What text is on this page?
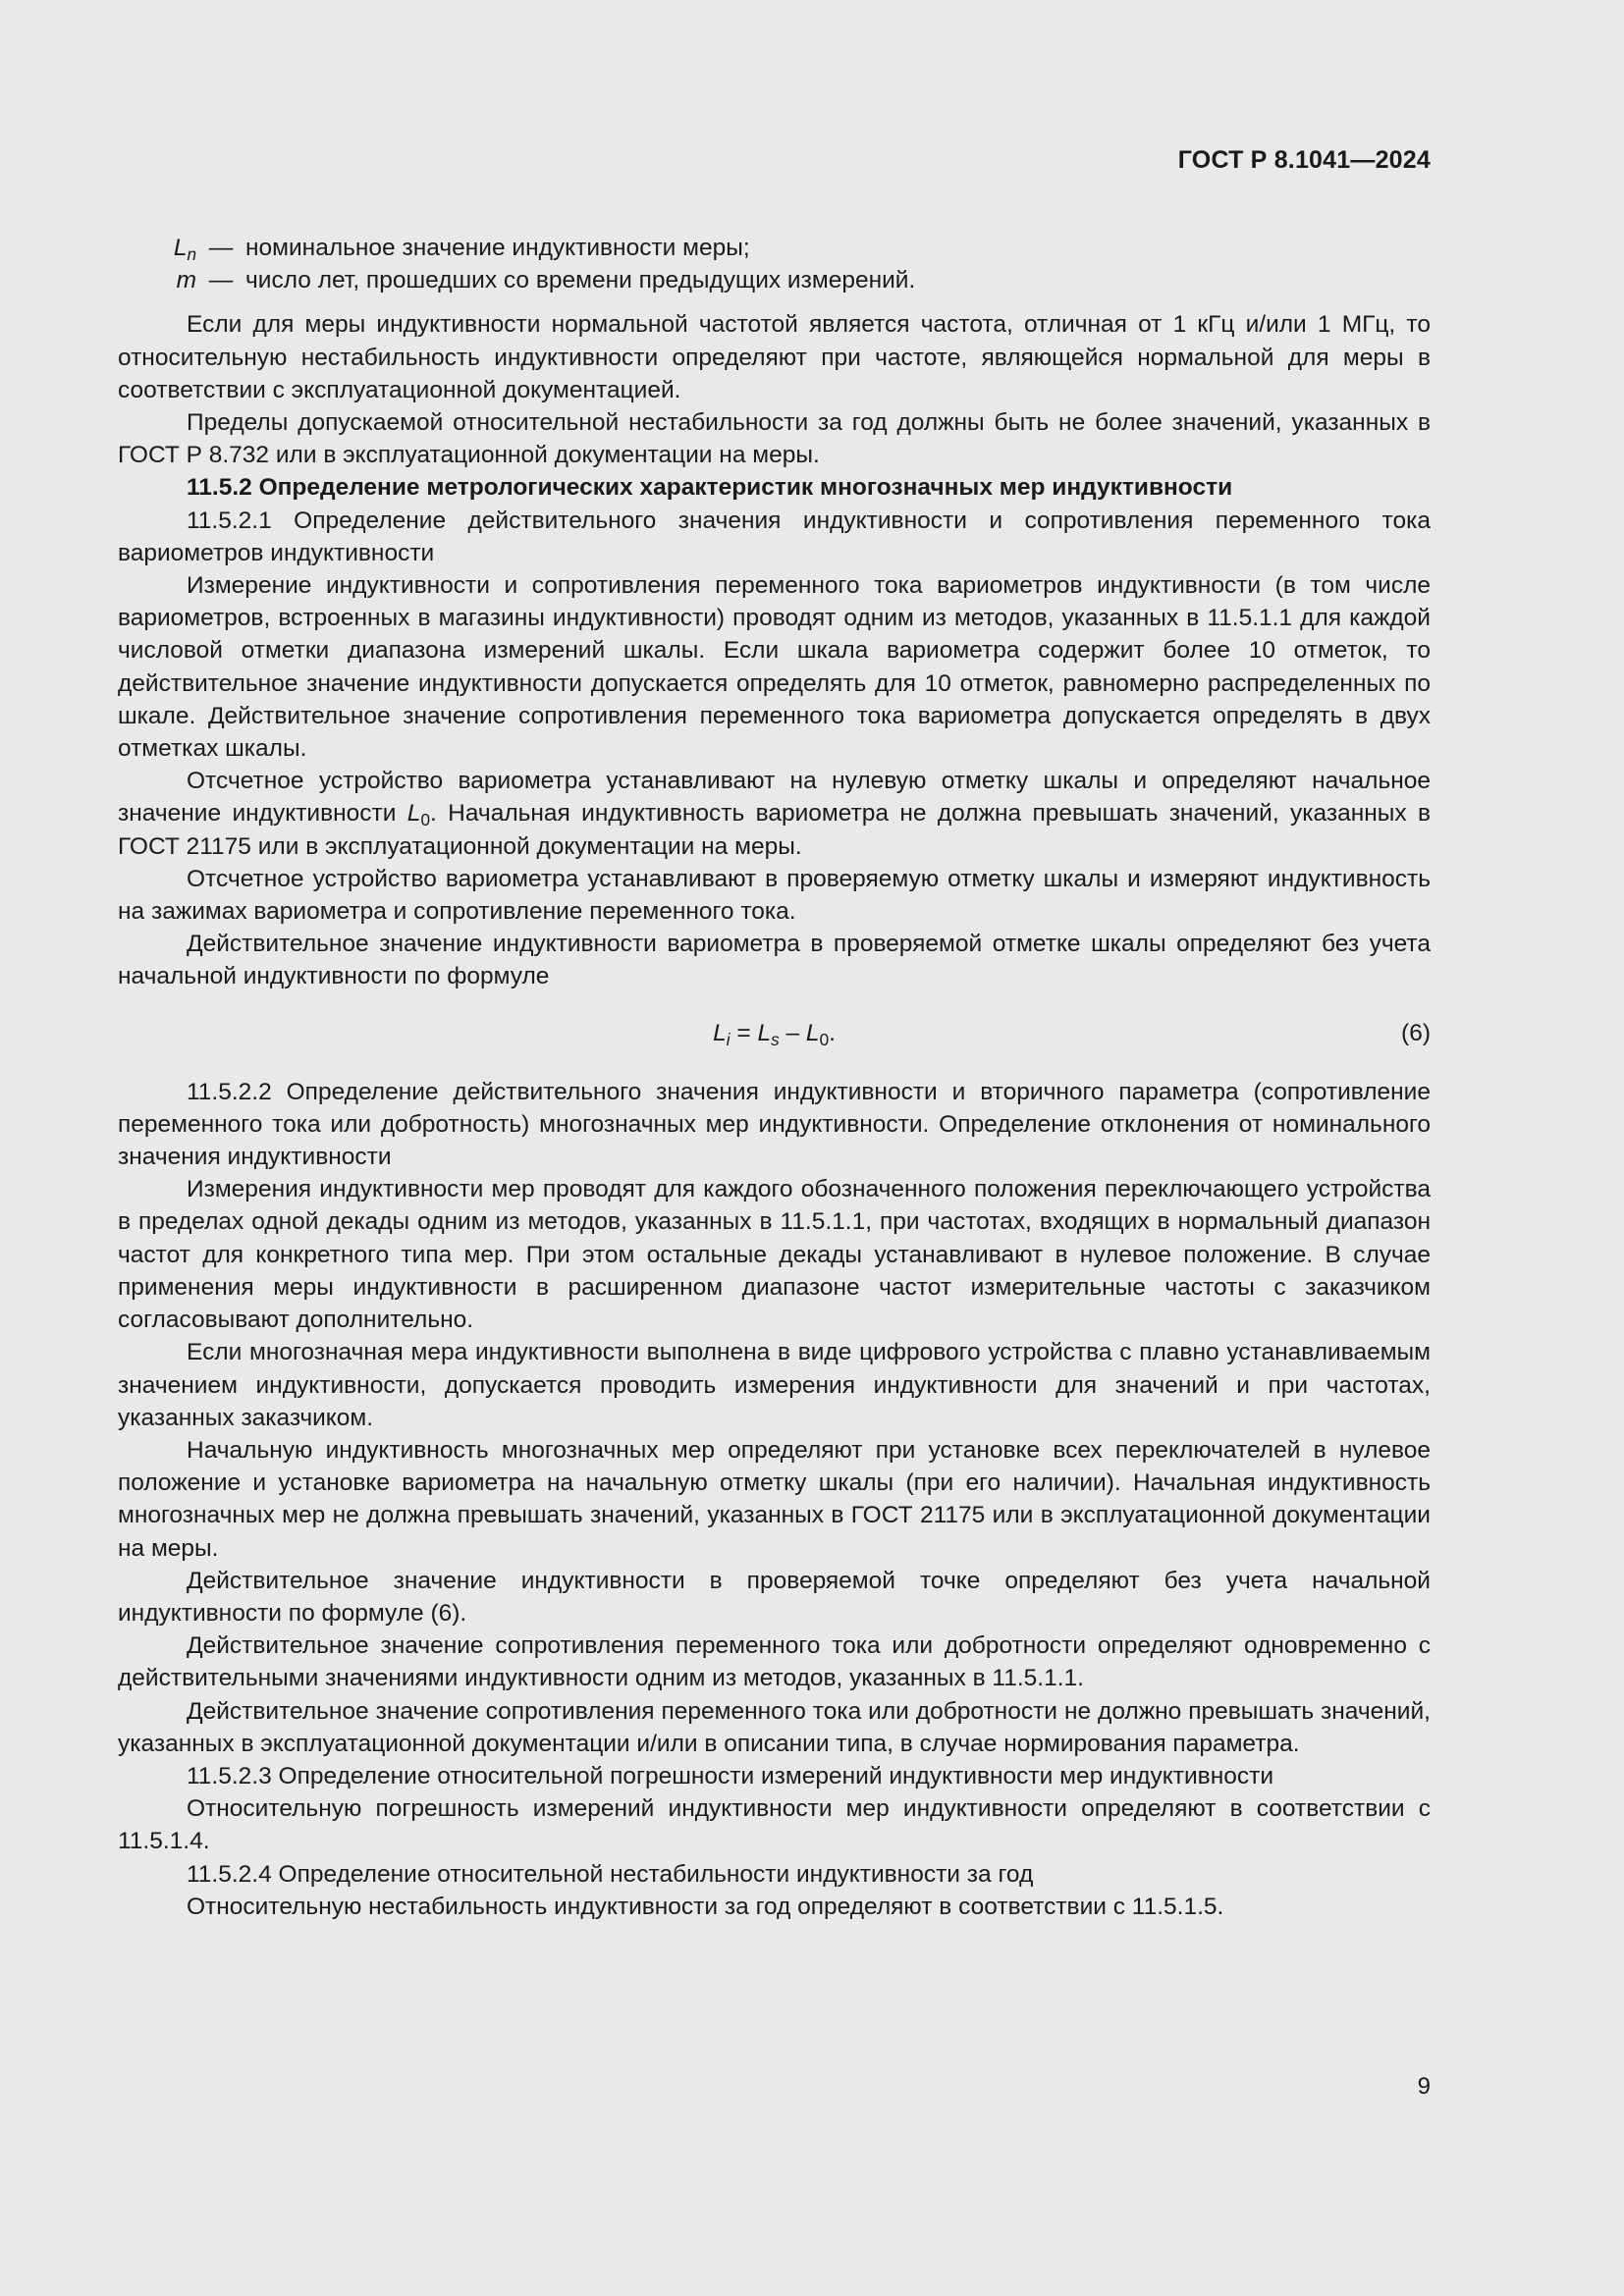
ГОСТ Р 8.1041—2024
$L_n$ — номинальное значение индуктивности меры;
m — число лет, прошедших со времени предыдущих измерений.

Если для меры индуктивности нормальной частотой является частота, отличная от 1 кГц и/или 1 МГц, то относительную нестабильность индуктивности определяют при частоте, являющейся нормальной для меры в соответствии с эксплуатационной документацией.

Пределы допускаемой относительной нестабильности за год должны быть не более значений, указанных в ГОСТ Р 8.732 или в эксплуатационной документации на меры.

11.5.2 Определение метрологических характеристик многозначных мер индуктивности

11.5.2.1 Определение действительного значения индуктивности и сопротивления переменного тока вариометров индуктивности

Измерение индуктивности и сопротивления переменного тока вариометров индуктивности (в том числе вариометров, встроенных в магазины индуктивности) проводят одним из методов, указанных в 11.5.1.1 для каждой числовой отметки диапазона измерений шкалы. Если шкала вариометра содержит более 10 отметок, то действительное значение индуктивности допускается определять для 10 отметок, равномерно распределенных по шкале. Действительное значение сопротивления переменного тока вариометра допускается определять в двух отметках шкалы.

Отсчетное устройство вариометра устанавливают на нулевую отметку шкалы и определяют начальное значение индуктивности $L_0$. Начальная индуктивность вариометра не должна превышать значений, указанных в ГОСТ 21175 или в эксплуатационной документации на меры.

Отсчетное устройство вариометра устанавливают в проверяемую отметку шкалы и измеряют индуктивность на зажимах вариометра и сопротивление переменного тока.

Действительное значение индуктивности вариометра в проверяемой отметке шкалы определяют без учета начальной индуктивности по формуле

$L_i = L_s - L_0$.	(6)

11.5.2.2 Определение действительного значения индуктивности и вторичного параметра (сопротивление переменного тока или добротность) многозначных мер индуктивности. Определение отклонения от номинального значения индуктивности

Измерения индуктивности мер проводят для каждого обозначенного положения переключающего устройства в пределах одной декады одним из методов, указанных в 11.5.1.1, при частотах, входящих в нормальный диапазон частот для конкретного типа мер. При этом остальные декады устанавливают в нулевое положение. В случае применения меры индуктивности в расширенном диапазоне частот измерительные частоты с заказчиком согласовывают дополнительно.

Если многозначная мера индуктивности выполнена в виде цифрового устройства с плавно устанавливаемым значением индуктивности, допускается проводить измерения индуктивности для значений и при частотах, указанных заказчиком.

Начальную индуктивность многозначных мер определяют при установке всех переключателей в нулевое положение и установке вариометра на начальную отметку шкалы (при его наличии). Начальная индуктивность многозначных мер не должна превышать значений, указанных в ГОСТ 21175 или в эксплуатационной документации на меры.

Действительное значение индуктивности в проверяемой точке определяют без учета начальной индуктивности по формуле (6).

Действительное значение сопротивления переменного тока или добротности определяют одновременно с действительными значениями индуктивности одним из методов, указанных в 11.5.1.1.

Действительное значение сопротивления переменного тока или добротности не должно превышать значений, указанных в эксплуатационной документации и/или в описании типа, в случае нормирования параметра.

11.5.2.3 Определение относительной погрешности измерений индуктивности мер индуктивности

Относительную погрешность измерений индуктивности мер индуктивности определяют в соответствии с 11.5.1.4.

11.5.2.4 Определение относительной нестабильности индуктивности за год

Относительную нестабильность индуктивности за год определяют в соответствии с 11.5.1.5.

9
